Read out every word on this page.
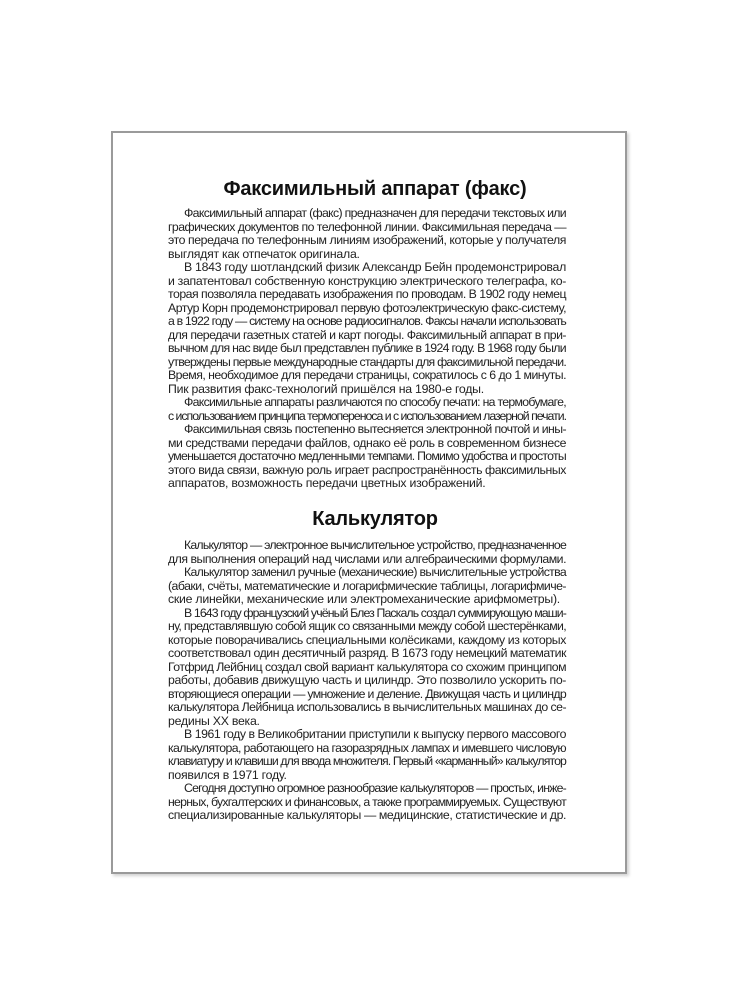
Факсимильный аппарат (факс)
Факсимильный аппарат (факс) предназначен для передачи текстовых или
графических документов по телефонной линии. Факсимильная передача —
это передача по телефонным линиям изображений, которые у получателя
выглядят как отпечаток оригинала.
В 1843 году шотландский физик Александр Бейн продемонстрировал
и запатентовал собственную конструкцию электрического телеграфа, ко-
торая позволяла передавать изображения по проводам. В 1902 году немец
Артур Корн продемонстрировал первую фотоэлектрическую факс-систему,
а в 1922 году — систему на основе радиосигналов. Факсы начали использовать
для передачи газетных статей и карт погоды. Факсимильный аппарат в при-
вычном для нас виде был представлен публике в 1924 году. В 1968 году были
утверждены первые международные стандарты для факсимильной передачи.
Время, необходимое для передачи страницы, сократилось с 6 до 1 минуты.
Пик развития факс-технологий пришёлся на 1980-е годы.
Факсимильные аппараты различаются по способу печати: на термобумаге,
с использованием принципа термопереноса и с использованием лазерной печати.
Факсимильная связь постепенно вытесняется электронной почтой и ины-
ми средствами передачи файлов, однако её роль в современном бизнесе
уменьшается достаточно медленными темпами. Помимо удобства и простоты
этого вида связи, важную роль играет распространённость факсимильных
аппаратов, возможность передачи цветных изображений.
Калькулятор
Калькулятор — электронное вычислительное устройство, предназначенное
для выполнения операций над числами или алгебраическими формулами.
Калькулятор заменил ручные (механические) вычислительные устройства
(абаки, счёты, математические и логарифмические таблицы, логарифмиче-
ские линейки, механические или электромеханические арифмометры).
В 1643 году французский учёный Блез Паскаль создал суммирующую маши-
ну, представлявшую собой ящик со связанными между собой шестерёнками,
которые поворачивались специальными колёсиками, каждому из которых
соответствовал один десятичный разряд. В 1673 году немецкий математик
Готфрид Лейбниц создал свой вариант калькулятора со схожим принципом
работы, добавив движущую часть и цилиндр. Это позволило ускорить по-
вторяющиеся операции — умножение и деление. Движущая часть и цилиндр
калькулятора Лейбница использовались в вычислительных машинах до се-
редины XX века.
В 1961 году в Великобритании приступили к выпуску первого массового
калькулятора, работающего на газоразрядных лампах и имевшего числовую
клавиатуру и клавиши для ввода множителя. Первый «карманный» калькулятор
появился в 1971 году.
Сегодня доступно огромное разнообразие калькуляторов — простых, инже-
нерных, бухгалтерских и финансовых, а также программируемых. Существуют
специализированные калькуляторы — медицинские, статистические и др.
